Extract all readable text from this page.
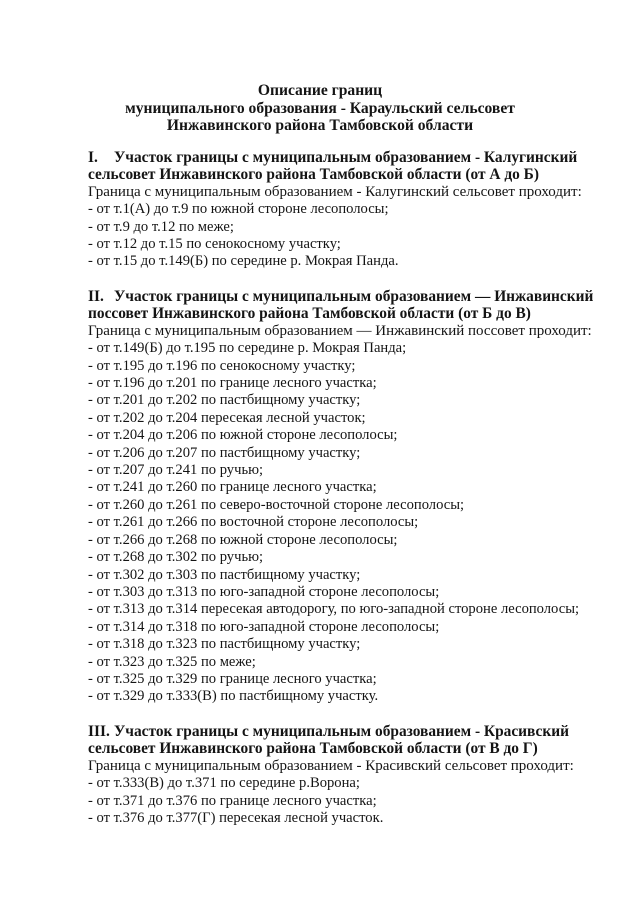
Описание границ
муниципального образования - Караульский сельсовет
Инжавинского района Тамбовской области
I. Участок границы с муниципальным образованием - Калугинский
сельсовет Инжавинского района Тамбовской области (от А до Б)
Граница с муниципальным образованием - Калугинский сельсовет проходит:
- от т.1(А) до т.9 по южной стороне лесополосы;
- от т.9 до т.12 по меже;
- от т.12 до т.15 по сенокосному участку;
- от т.15 до т.149(Б) по середине р. Мокрая Панда.
II. Участок границы с муниципальным образованием — Инжавинский
поссовет Инжавинского района Тамбовской области (от Б до В)
Граница с муниципальным образованием — Инжавинский поссовет проходит:
- от т.149(Б) до т.195 по середине р. Мокрая Панда;
- от т.195 до т.196 по сенокосному участку;
- от т.196 до т.201 по границе лесного участка;
- от т.201 до т.202 по пастбищному участку;
- от т.202 до т.204 пересекая лесной участок;
- от т.204 до т.206 по южной стороне лесополосы;
- от т.206 до т.207 по пастбищному участку;
- от т.207 до т.241 по ручью;
- от т.241 до т.260 по границе лесного участка;
- от т.260 до т.261 по северо-восточной стороне лесополосы;
- от т.261 до т.266 по восточной стороне лесополосы;
- от т.266 до т.268 по южной стороне лесополосы;
- от т.268 до т.302 по ручью;
- от т.302 до т.303 по пастбищному участку;
- от т.303 до т.313 по юго-западной стороне лесополосы;
- от т.313 до т.314 пересекая автодорогу, по юго-западной стороне лесополосы;
- от т.314 до т.318 по юго-западной стороне лесополосы;
- от т.318 до т.323 по пастбищному участку;
- от т.323 до т.325 по меже;
- от т.325 до т.329 по границе лесного участка;
- от т.329 до т.333(В) по пастбищному участку.
III. Участок границы с муниципальным образованием - Красивский
сельсовет Инжавинского района Тамбовской области (от В до Г)
Граница с муниципальным образованием - Красивский сельсовет проходит:
- от т.333(В) до т.371 по середине р.Ворона;
- от т.371 до т.376 по границе лесного участка;
- от т.376 до т.377(Г) пересекая лесной участок.
